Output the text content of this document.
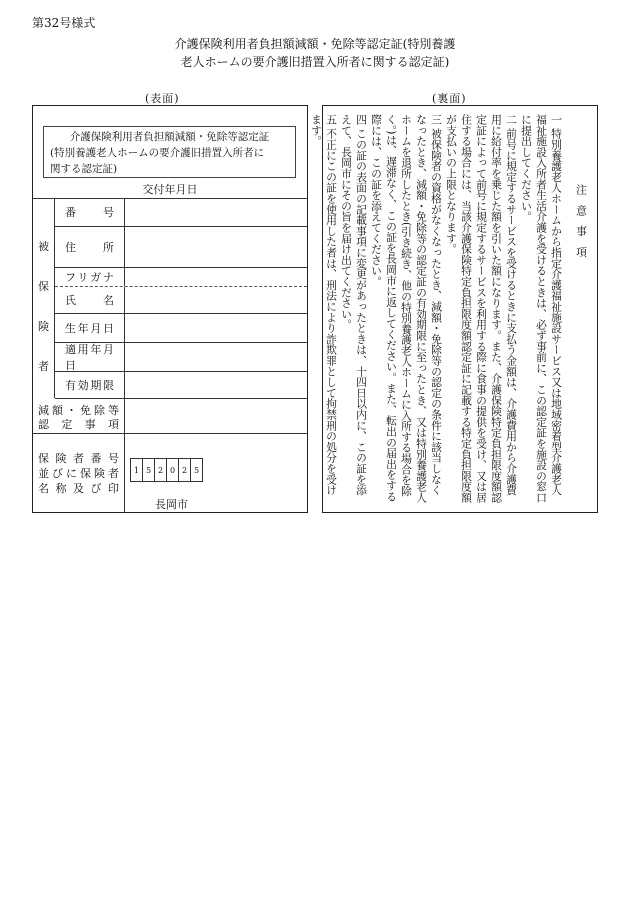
第32号様式
介護保険利用者負担額減額・免除等認定証(特別養護
老人ホームの要介護旧措置入所者に関する認定証)
(表面)	(裏面)
介護保険利用者負担額減額・免除等認定証
(特別養護老人ホームの要介護旧措置入所者に
関する認定証)
交付年月日
被
保
険
者
番号
住所
フリガナ
氏名
生年月日
適用年月日
有効期限
減額・免除等
認定事項
保険者番号
並びに保険者
名称及び印
1 5 2 0 2 5
長岡市

注意事項

一 特別養護老人ホームから指定介護福祉施設サービス又は地域密着型介護老人福祉施設入所者生活介護を受けるときは、必ず事前に、この認定証を施設の窓口に提出してください。

二 前号に規定するサービスを受けるときに支払う金額は、介護費用から介護費用に給付率を乗じた額を引いた額になります。また、介護保険特定負担限度額認定証によって前号に規定するサービスを利用する際に食事の提供を受け、又は居住する場合には、当該介護保険特定負担限度額認定証に記載する特定負担限度額が支払いの上限となります。

三 被保険者の資格がなくなったとき、減額・免除等の認定の条件に該当しなくなったとき、減額・免除等の認定証の有効期限に至ったとき、又は特別養護老人ホームを退所したとき(引き続き、他の特別養護老人ホームに入所する場合を除く。)は、遅滞なく、この証を長岡市に返してください。また、転出の届出をする際には、この証を添えてください。

四 この証の表面の記載事項に変更があったときは、十四日以内に、この証を添えて、長岡市にその旨を届け出てください。

五 不正にこの証を使用した者は、刑法により詐欺罪として拘禁刑の処分を受けます。
